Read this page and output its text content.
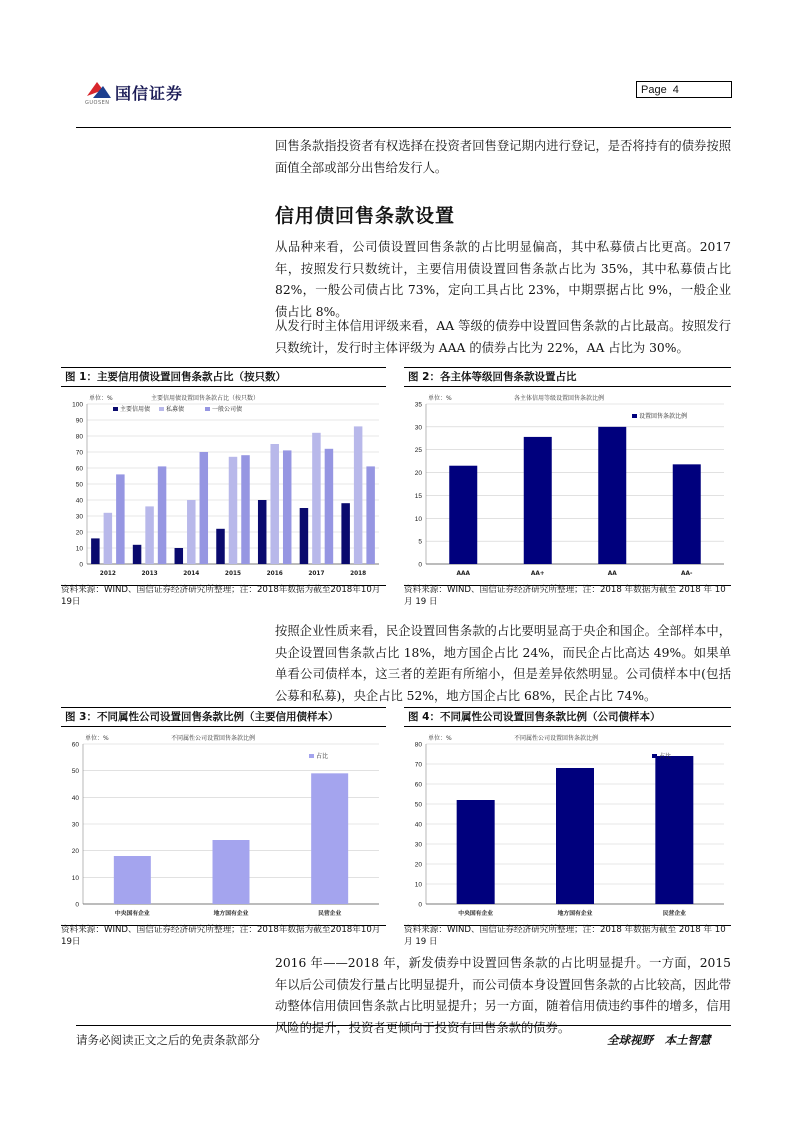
国信证券
GUOSEN
Page 4
回售条款指投资者有权选择在投资者回售登记期内进行登记，是否将持有的债券按照面值全部或部分出售给发行人。
信用债回售条款设置
从品种来看，公司债设置回售条款的占比明显偏高，其中私募债占比更高。2017年，按照发行只数统计，主要信用债设置回售条款占比为 35%，其中私募债占比 82%，一般公司债占比 73%，定向工具占比 23%，中期票据占比 9%，一般企业债占比 8%。
从发行时主体信用评级来看，AA 等级的债券中设置回售条款的占比最高。按照发行只数统计，发行时主体评级为 AAA 的债券占比为 22%，AA 占比为 30%。
图 1：主要信用债设置回售条款占比（按只数）
单位：%	主要信用债设置回售条款占比（按只数）
0
10
20
30
40
50
60
70
80
90
100
2012	2013	2014	2015	2016	2017	2018
主要信用债	私募债	一般公司债
资料来源：WIND、国信证券经济研究所整理；注：2018年数据为截至2018年10月19日
图 2：各主体等级回售条款设置占比
单位：%	各主体信用等级设置回售条款比例
0
5
10
15
20
25
30
35
AAA	AA+	AA	AA-
设置回售条款比例
资料来源：WIND、国信证券经济研究所整理；注：2018 年数据为截至 2018 年 10 月 19 日
按照企业性质来看，民企设置回售条款的占比要明显高于央企和国企。全部样本中，央企设置回售条款占比 18%，地方国企占比 24%，而民企占比高达 49%。如果单单看公司债样本，这三者的差距有所缩小，但是差异依然明显。公司债样本中(包括公募和私募)，央企占比 52%，地方国企占比 68%，民企占比 74%。
图 3：不同属性公司设置回售条款比例（主要信用债样本）
单位：%	不同属性公司设置回售条款比例
0
10
20
30
40
50
60
中央国有企业	地方国有企业	民营企业
占比
资料来源：WIND、国信证券经济研究所整理；注：2018年数据为截至2018年10月19日
图 4：不同属性公司设置回售条款比例（公司债样本）
单位：%	不同属性公司设置回售条款比例
0
10
20
30
40
50
60
70
80
中央国有企业	地方国有企业	民营企业
占比
资料来源：WIND、国信证券经济研究所整理；注：2018 年数据为截至 2018 年 10 月 19 日
2016 年——2018 年，新发债券中设置回售条款的占比明显提升。一方面，2015年以后公司债发行量占比明显提升，而公司债本身设置回售条款的占比较高，因此带动整体信用债回售条款占比明显提升；另一方面，随着信用债违约事件的增多，信用风险的提升，投资者更倾向于投资有回售条款的债券。
请务必阅读正文之后的免责条款部分	全球视野　本土智慧
